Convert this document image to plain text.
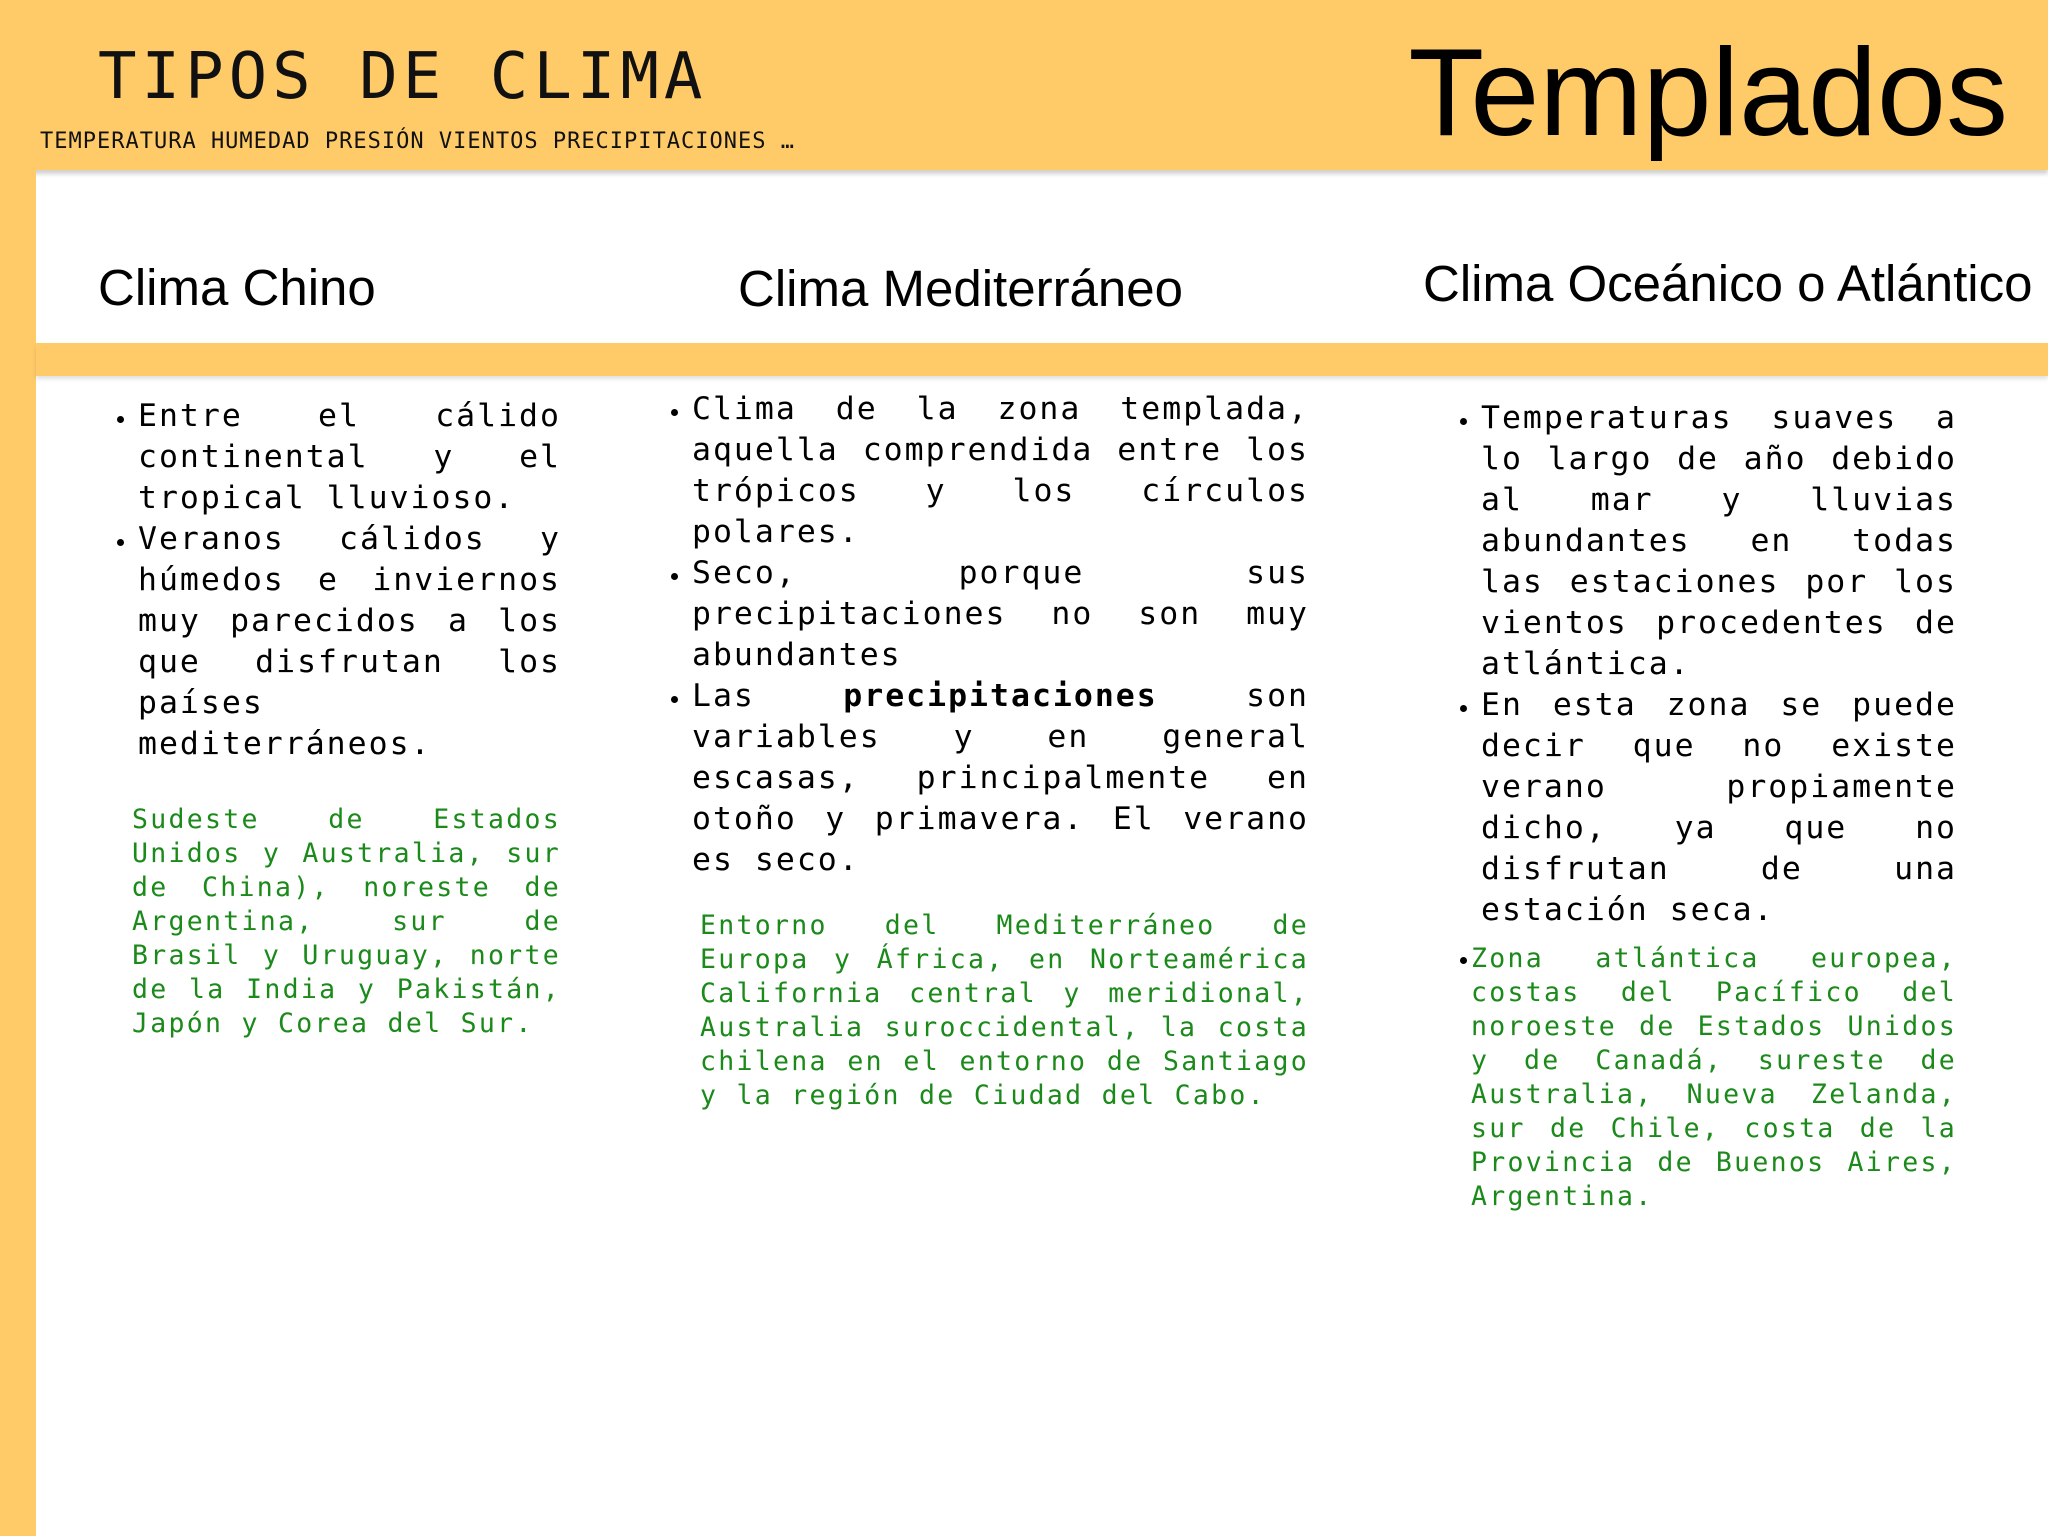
TIPOS DE CLIMA
TEMPERATURA HUMEDAD PRESIÓN VIENTOS PRECIPITACIONES …	Templados
Clima Chino	Clima Mediterráneo	Clima Oceánico o Atlántico
• Entre el cálido continental y el tropical lluvioso.
• Veranos cálidos y húmedos e inviernos muy parecidos a los que disfrutan los países mediterráneos.
Sudeste de Estados Unidos y Australia, sur de China), noreste de Argentina, sur de Brasil y Uruguay, norte de la India y Pakistán, Japón y Corea del Sur.
• Clima de la zona templada, aquella comprendida entre los trópicos y los círculos polares.
• Seco, porque sus precipitaciones no son muy abundantes
• Las precipitaciones son variables y en general escasas, principalmente en otoño y primavera. El verano es seco.
Entorno del Mediterráneo de Europa y África, en Norteamérica California central y meridional, Australia suroccidental, la costa chilena en el entorno de Santiago y la región de Ciudad del Cabo.
• Temperaturas suaves a lo largo de año debido al mar y lluvias abundantes en todas las estaciones por los vientos procedentes de atlántica.
• En esta zona se puede decir que no existe verano propiamente dicho, ya que no disfrutan de una estación seca.
• Zona atlántica europea, costas del Pacífico del noroeste de Estados Unidos y de Canadá, sureste de Australia, Nueva Zelanda, sur de Chile, costa de la Provincia de Buenos Aires, Argentina.
